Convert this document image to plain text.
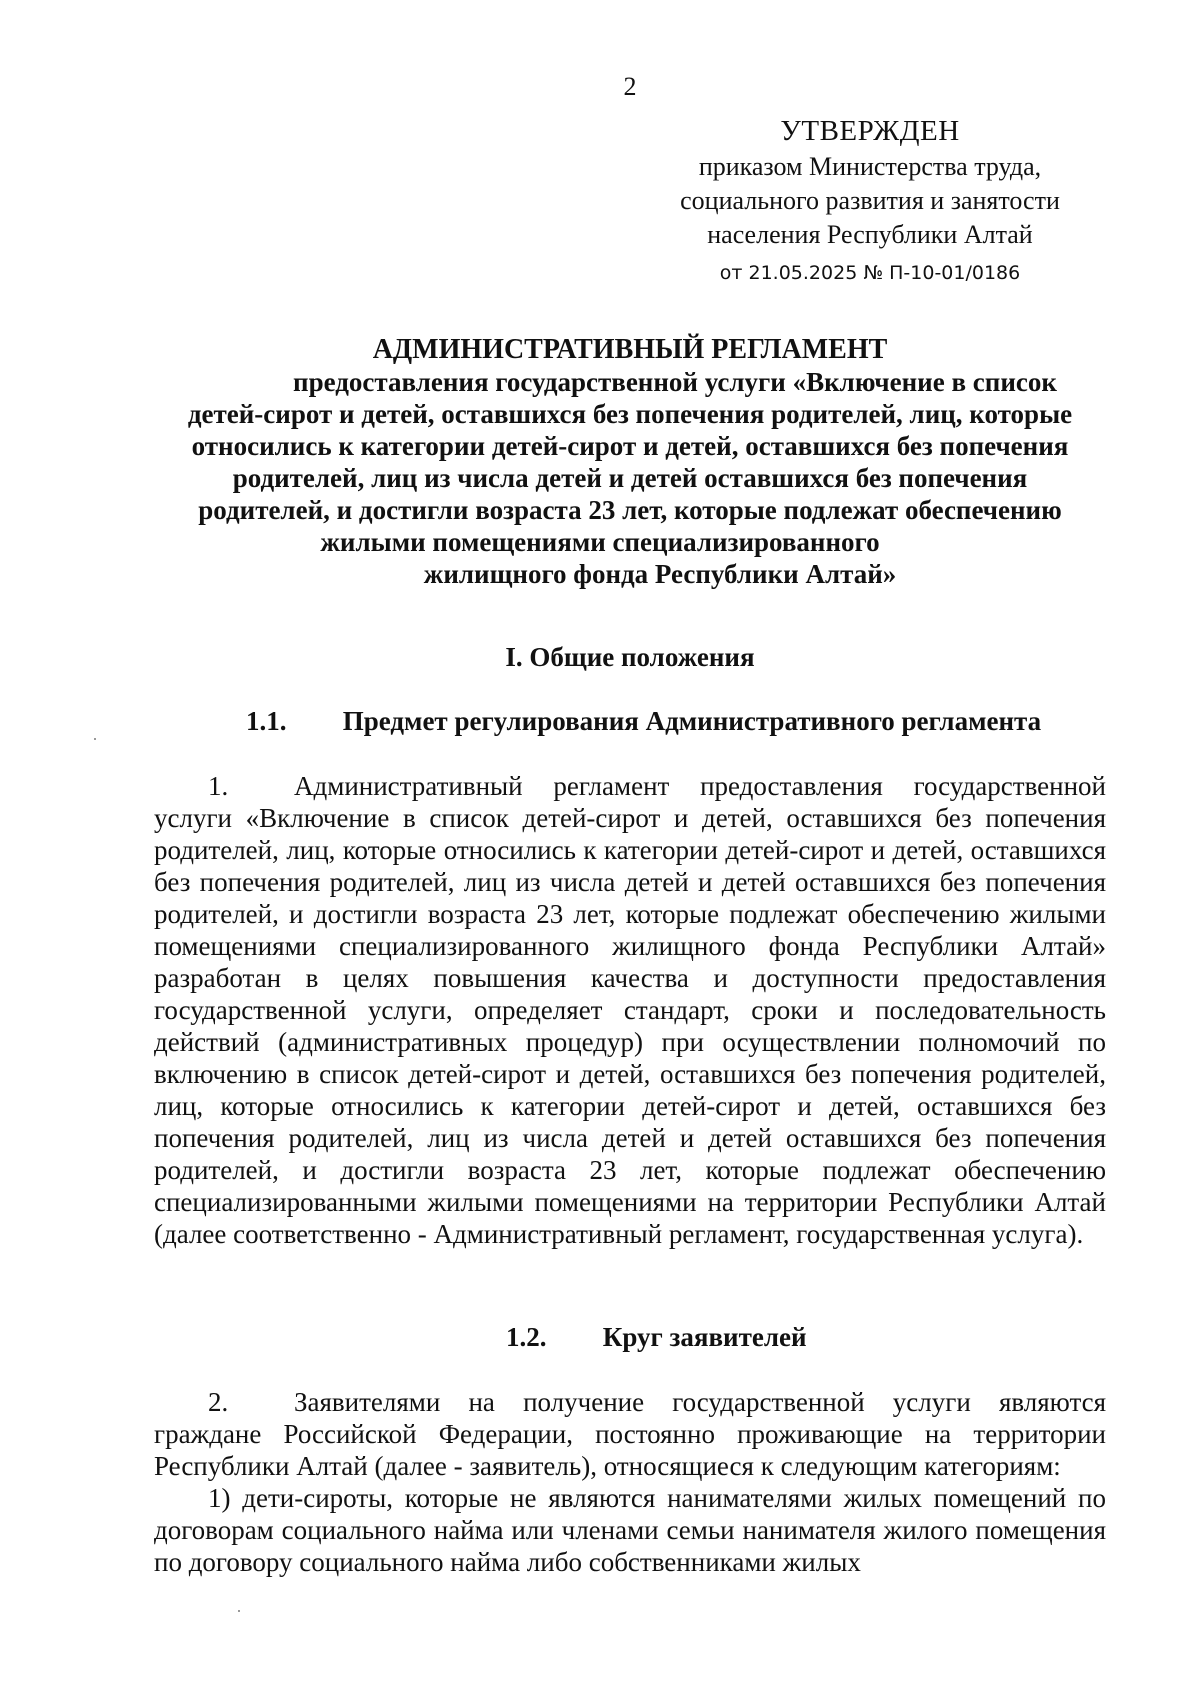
2
УТВЕРЖДЕН
приказом Министерства труда,
социального развития и занятости
населения Республики Алтай
от 21.05.2025 № П-10-01/0186
АДМИНИСТРАТИВНЫЙ РЕГЛАМЕНТ
предоставления государственной услуги «Включение в список
детей-сирот и детей, оставшихся без попечения родителей, лиц, которые
относились к категории детей-сирот и детей, оставшихся без попечения
родителей, лиц из числа детей и детей оставшихся без попечения
родителей, и достигли возраста 23 лет, которые подлежат обеспечению
жилыми помещениями специализированного
жилищного фонда Республики Алтай»
I. Общие положения
1.1. Предмет регулирования Административного регламента

1. Административный регламент предоставления государственной услуги «Включение в список детей-сирот и детей, оставшихся без попечения родителей, лиц, которые относились к категории детей-сирот и детей, оставшихся без попечения родителей, лиц из числа детей и детей оставшихся без попечения родителей, и достигли возраста 23 лет, которые подлежат обеспечению жилыми помещениями специализированного жилищного фонда Республики Алтай» разработан в целях повышения качества и доступности предоставления государственной услуги, определяет стандарт, сроки и последовательность действий (административных процедур) при осуществлении полномочий по включению в список детей-сирот и детей, оставшихся без попечения родителей, лиц, которые относились к категории детей-сирот и детей, оставшихся без попечения родителей, лиц из числа детей и детей оставшихся без попечения родителей, и достигли возраста 23 лет, которые подлежат обеспечению специализированными жилыми помещениями на территории Республики Алтай (далее соответственно - Административный регламент, государственная услуга).

1.2. Круг заявителей

2. Заявителями на получение государственной услуги являются граждане Российской Федерации, постоянно проживающие на территории Республики Алтай (далее - заявитель), относящиеся к следующим категориям:

1) дети-сироты, которые не являются нанимателями жилых помещений по договорам социального найма или членами семьи нанимателя жилого помещения по договору социального найма либо собственниками жилых
